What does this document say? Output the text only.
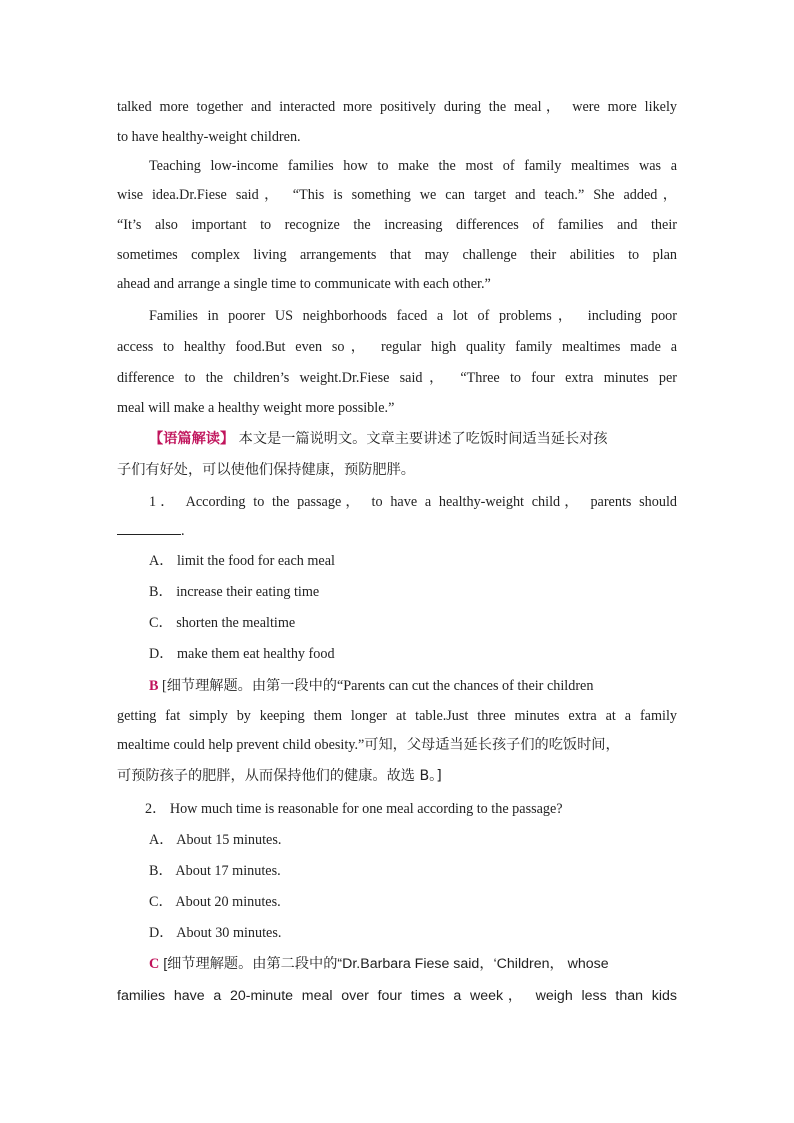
talked more together and interacted more positively during the meal， were more likely
to have healthy-weight children.
Teaching low-income families how to make the most of family mealtimes was a
wise idea.Dr.Fiese said， “This is something we can target and teach.” She added，
“It’s also important to recognize the increasing differences of families and their
sometimes complex living arrangements that may challenge their abilities to plan
ahead and arrange a single time to communicate with each other.”
Families in poorer US neighborhoods faced a lot of problems， including poor
access to healthy food.But even so， regular high quality family mealtimes made a
difference to the children’s weight.Dr.Fiese said， “Three to four extra minutes per
meal will make a healthy weight more possible.”
【语篇解读】 本文是一篇说明文。文章主要讲述了吃饭时间适当延长对孩
子们有好处，可以使他们保持健康，预防肥胖。
1． According to the passage， to have a healthy-weight child， parents should
.
A． limit the food for each meal
B． increase their eating time
C． shorten the mealtime
D． make them eat healthy food
B [细节理解题。由第一段中的“Parents can cut the chances of their children
getting fat simply by keeping them longer at table.Just three minutes extra at a family
mealtime could help prevent child obesity.”可知，父母适当延长孩子们的吃饭时间，
可预防孩子的肥胖，从而保持他们的健康。故选 B。]
2． How much time is reasonable for one meal according to the passage?
A． About 15 minutes.
B． About 17 minutes.
C． About 20 minutes.
D． About 30 minutes.
C [细节理解题。由第二段中的“Dr.Barbara Fiese said，‘Children， whose
families have a 20-minute meal over four times a week， weigh less than kids
